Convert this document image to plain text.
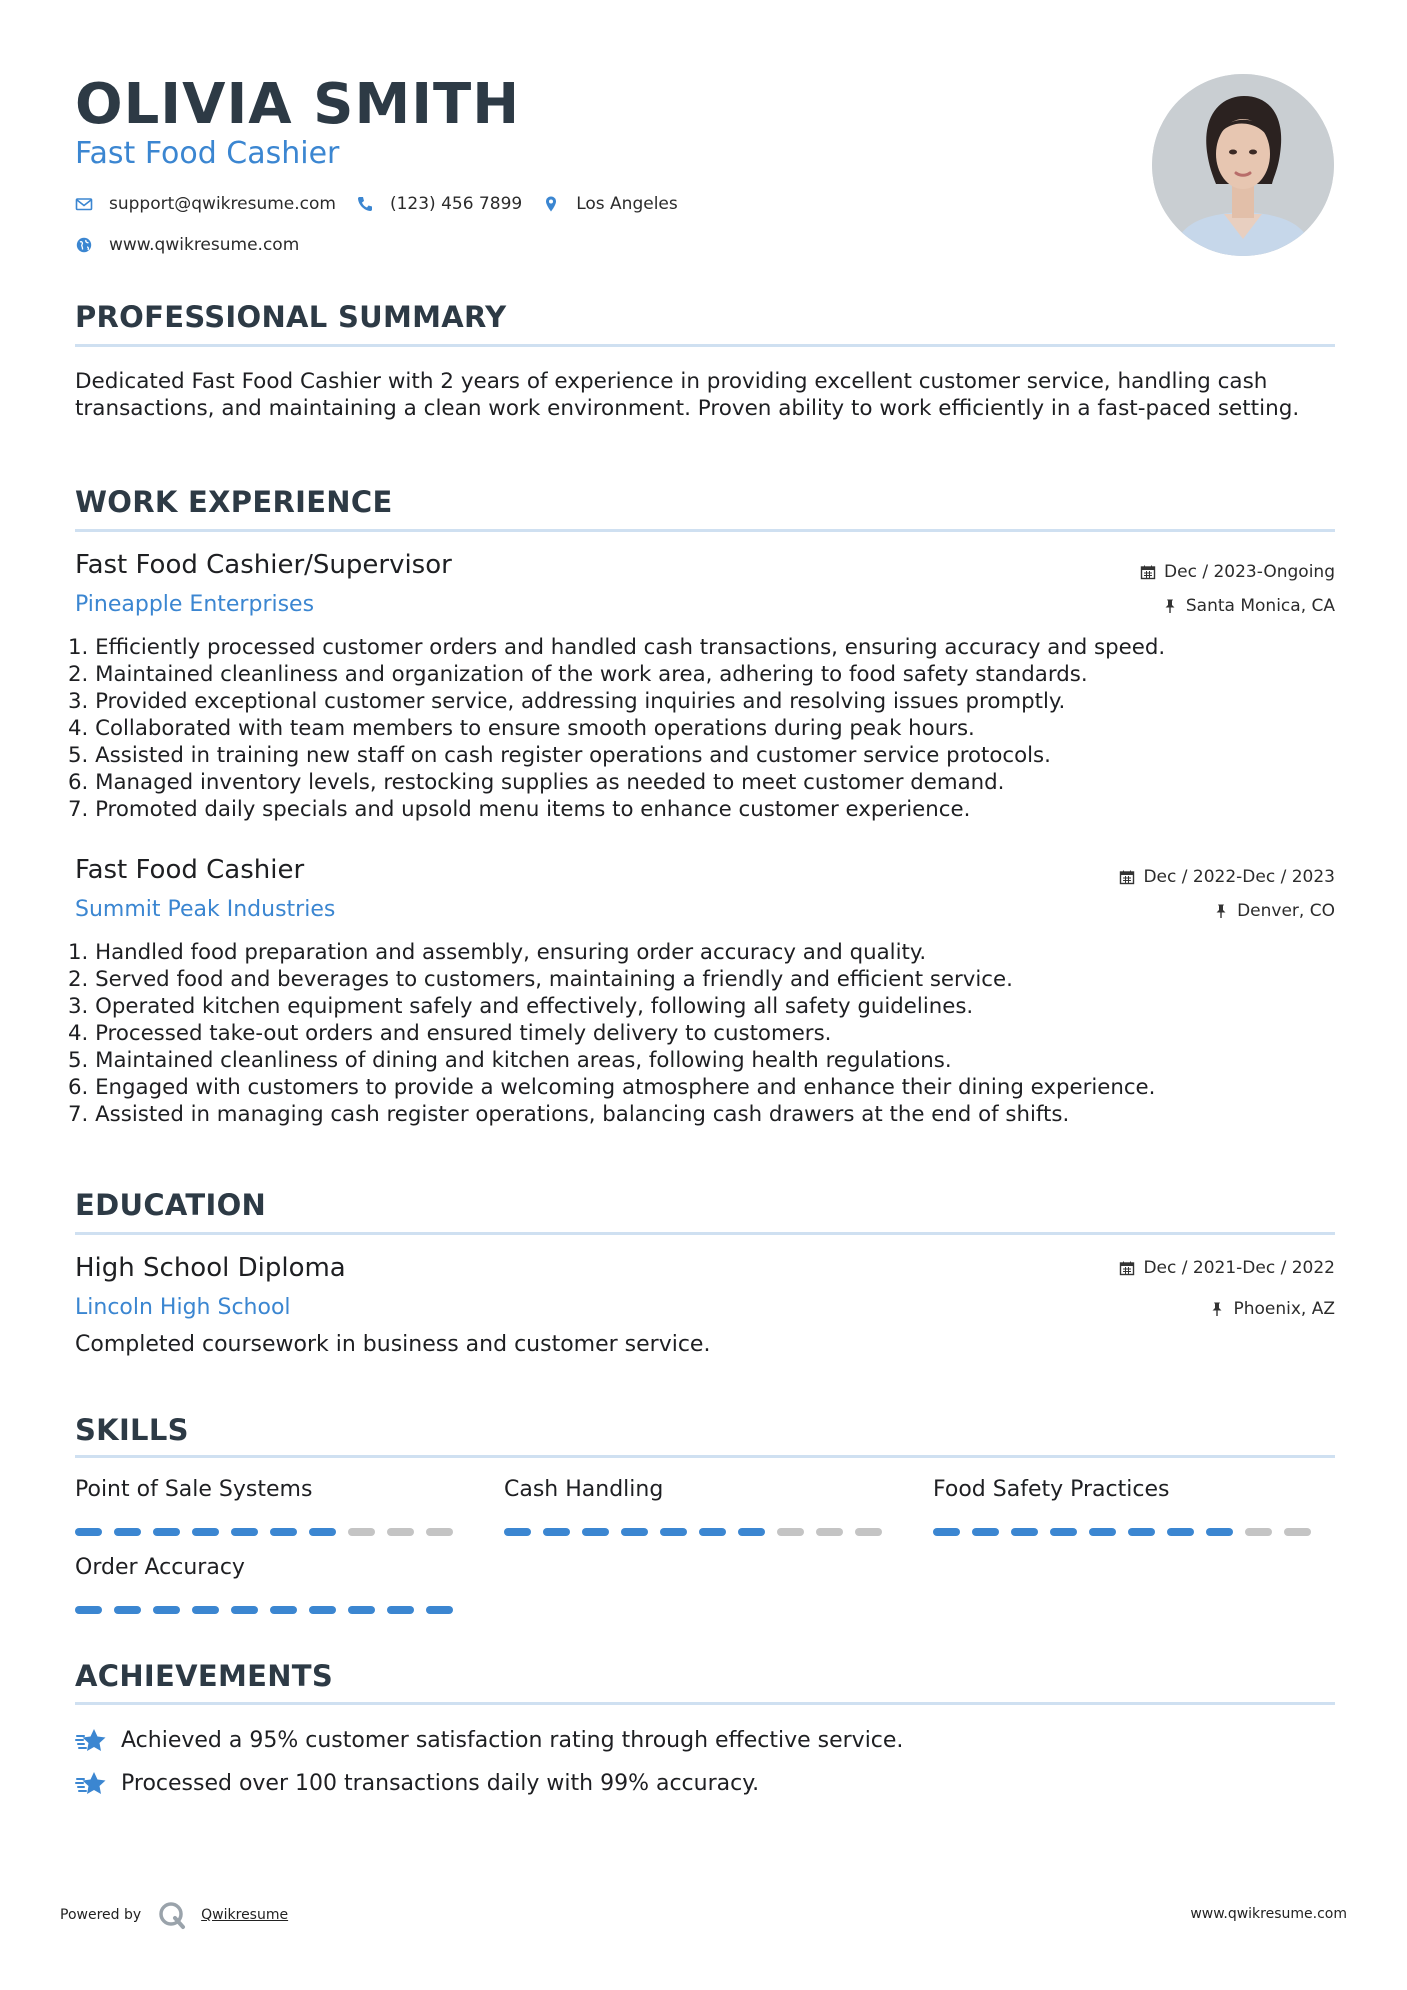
OLIVIA SMITH
Fast Food Cashier
support@qwikresume.com	(123) 456 7899	Los Angeles
www.qwikresume.com
PROFESSIONAL SUMMARY
Dedicated Fast Food Cashier with 2 years of experience in providing excellent customer service, handling cash transactions, and maintaining a clean work environment. Proven ability to work efficiently in a fast-paced setting.
WORK EXPERIENCE
Fast Food Cashier/Supervisor	Dec / 2023-Ongoing
Pineapple Enterprises	Santa Monica, CA
1. Efficiently processed customer orders and handled cash transactions, ensuring accuracy and speed.
2. Maintained cleanliness and organization of the work area, adhering to food safety standards.
3. Provided exceptional customer service, addressing inquiries and resolving issues promptly.
4. Collaborated with team members to ensure smooth operations during peak hours.
5. Assisted in training new staff on cash register operations and customer service protocols.
6. Managed inventory levels, restocking supplies as needed to meet customer demand.
7. Promoted daily specials and upsold menu items to enhance customer experience.
Fast Food Cashier	Dec / 2022-Dec / 2023
Summit Peak Industries	Denver, CO
1. Handled food preparation and assembly, ensuring order accuracy and quality.
2. Served food and beverages to customers, maintaining a friendly and efficient service.
3. Operated kitchen equipment safely and effectively, following all safety guidelines.
4. Processed take-out orders and ensured timely delivery to customers.
5. Maintained cleanliness of dining and kitchen areas, following health regulations.
6. Engaged with customers to provide a welcoming atmosphere and enhance their dining experience.
7. Assisted in managing cash register operations, balancing cash drawers at the end of shifts.
EDUCATION
High School Diploma	Dec / 2021-Dec / 2022
Lincoln High School	Phoenix, AZ
Completed coursework in business and customer service.
SKILLS
Point of Sale Systems	Cash Handling	Food Safety Practices
Order Accuracy
ACHIEVEMENTS
Achieved a 95% customer satisfaction rating through effective service.
Processed over 100 transactions daily with 99% accuracy.
Powered by	Qwikresume	www.qwikresume.com
